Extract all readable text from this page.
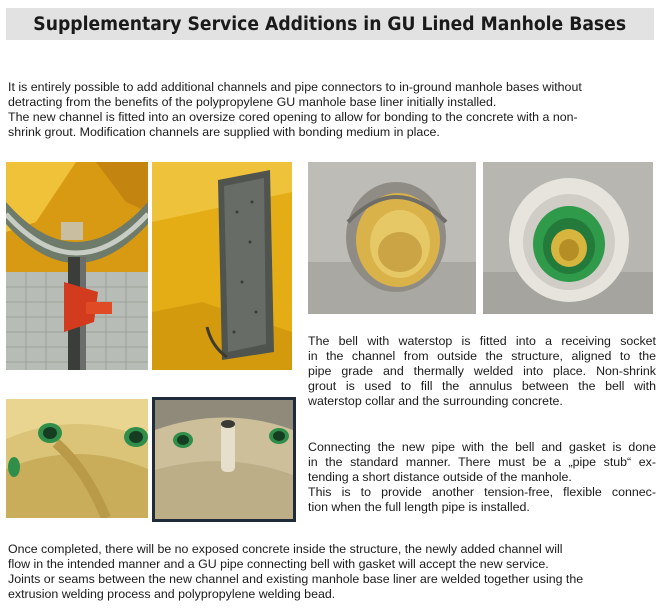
Supplementary Service Additions in GU Lined Manhole Bases

It is entirely possible to add additional channels and pipe connectors to in-ground manhole bases without
detracting from the benefits of the polypropylene GU manhole base liner initially installed.
The new channel is fitted into an oversize cored opening to allow for bonding to the concrete with a non-
shrink grout. Modification channels are supplied with bonding medium in place.

The bell with waterstop is fitted into a receiving socket
in the channel from outside the structure, aligned to the
pipe grade and thermally welded into place. Non-shrink
grout is used to fill the annulus between the bell with
waterstop collar and the surrounding concrete.

Connecting the new pipe with the bell and gasket is done
in the standard manner. There must be a „pipe stub“ ex-
tending a short distance outside of the manhole.
This is to provide another tension-free, flexible connec-
tion when the full length pipe is installed.

Once completed, there will be no exposed concrete inside the structure, the newly added channel will
flow in the intended manner and a GU pipe connecting bell with gasket will accept the new service.
Joints or seams between the new channel and existing manhole base liner are welded together using the
extrusion welding process and polypropylene welding bead.
